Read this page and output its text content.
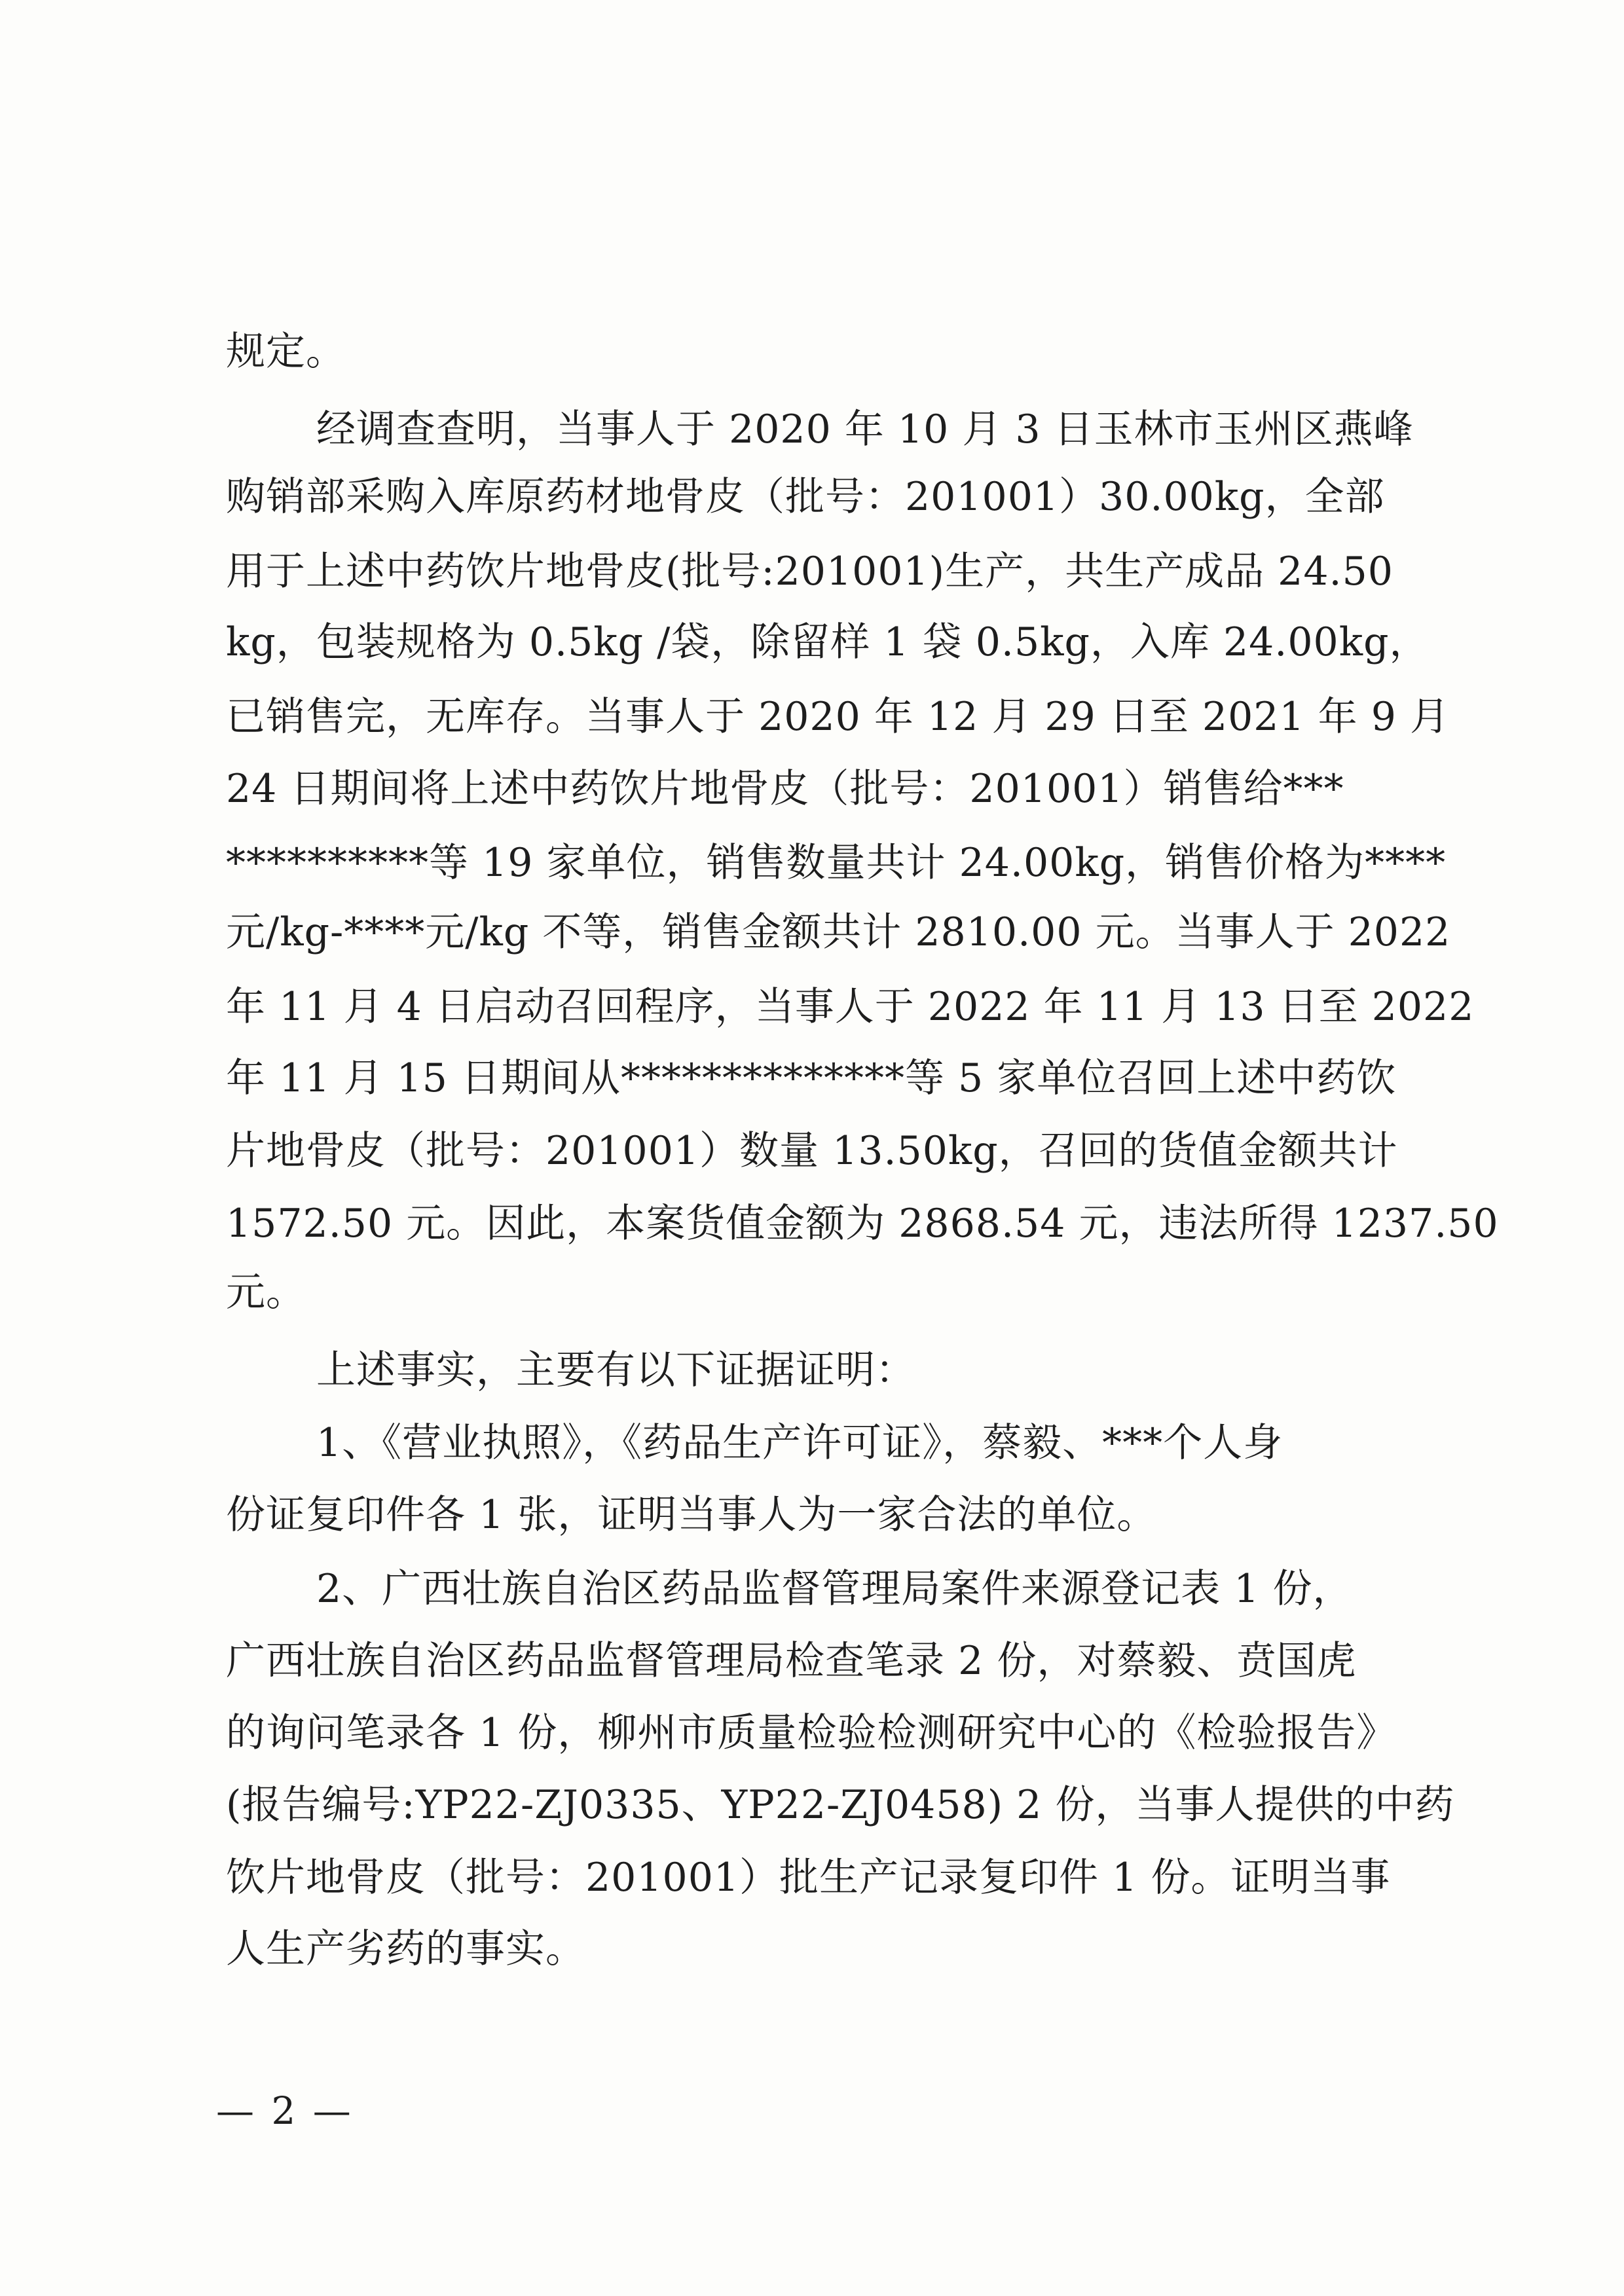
规定。
经调查查明，当事人于 2020 年 10 月 3 日玉林市玉州区燕峰
购销部采购入库原药材地骨皮（批号：201001）30.00kg，全部
用于上述中药饮片地骨皮(批号:201001)生产，共生产成品 24.50
kg，包装规格为 0.5kg /袋，除留样 1 袋 0.5kg，入库 24.00kg，
已销售完，无库存。当事人于 2020 年 12 月 29 日至 2021 年 9 月
24 日期间将上述中药饮片地骨皮（批号：201001）销售给***
**********等 19 家单位，销售数量共计 24.00kg，销售价格为****
元/kg-****元/kg 不等，销售金额共计 2810.00 元。当事人于 2022
年 11 月 4 日启动召回程序，当事人于 2022 年 11 月 13 日至 2022
年 11 月 15 日期间从**************等 5 家单位召回上述中药饮
片地骨皮（批号：201001）数量 13.50kg，召回的货值金额共计
1572.50 元。因此，本案货值金额为 2868.54 元，违法所得 1237.50
元。
上述事实，主要有以下证据证明：
1、《营业执照》，《药品生产许可证》，蔡毅、***个人身
份证复印件各 1 张，证明当事人为一家合法的单位。
2、广西壮族自治区药品监督管理局案件来源登记表 1 份，
广西壮族自治区药品监督管理局检查笔录 2 份，对蔡毅、贲国虎
的询问笔录各 1 份，柳州市质量检验检测研究中心的《检验报告》
(报告编号:YP22-ZJ0335、YP22-ZJ0458) 2 份，当事人提供的中药
饮片地骨皮（批号：201001）批生产记录复印件 1 份。证明当事
人生产劣药的事实。
— 2 —
